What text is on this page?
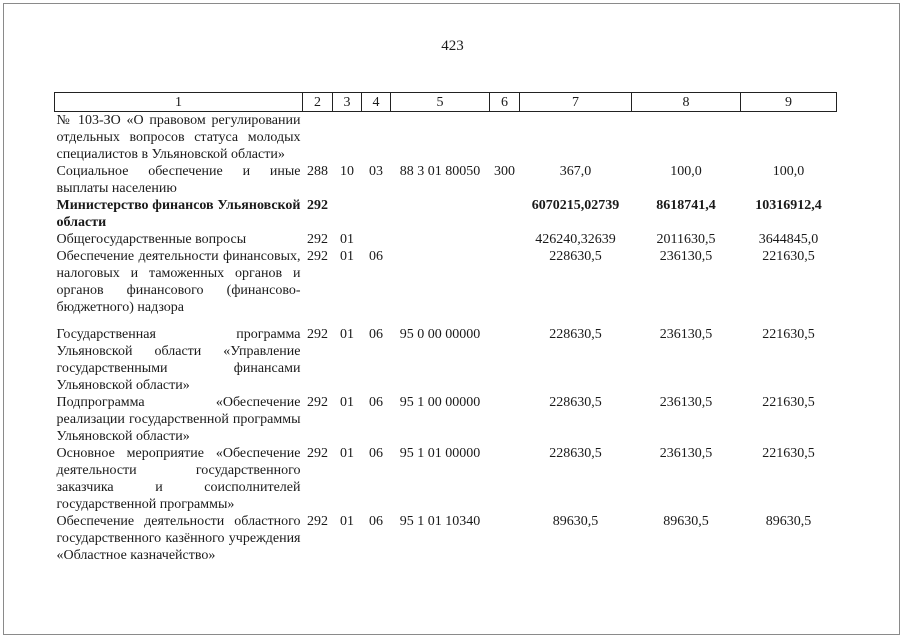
423
1	2	3	4	5	6	7	8	9
№ 103-ЗО «О правовом регулировании отдельных вопросов статуса молодых специалистов в Ульяновской области»								
Социальное обеспечение и иные выплаты населению	288	10	03	88 3 01 80050	300	367,0	100,0	100,0
Министерство финансов Ульяновской области	292					6070215,02739	8618741,4	10316912,4
Общегосударственные вопросы	292	01				426240,32639	2011630,5	3644845,0
Обеспечение деятельности финансовых, налоговых и таможенных органов и органов финансового (финансово-бюджетного) надзора	292	01	06			228630,5	236130,5	221630,5
Государственная программа Ульяновской области «Управление государственными финансами Ульяновской области»	292	01	06	95 0 00 00000		228630,5	236130,5	221630,5
Подпрограмма «Обеспечение реализации государственной программы Ульяновской области»	292	01	06	95 1 00 00000		228630,5	236130,5	221630,5
Основное мероприятие «Обеспечение деятельности государственного заказчика и соисполнителей государственной программы»	292	01	06	95 1 01 00000		228630,5	236130,5	221630,5
Обеспечение деятельности областного государственного казённого учреждения «Областное казначейство»	292	01	06	95 1 01 10340		89630,5	89630,5	89630,5
